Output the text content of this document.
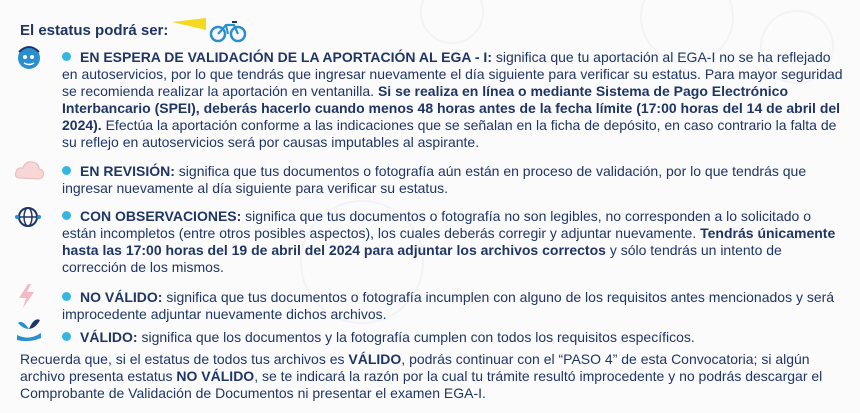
El estatus podrá ser:

EN ESPERA DE VALIDACIÓN DE LA APORTACIÓN AL EGA - I: significa que tu aportación al EGA-I no se ha reflejado en autoservicios, por lo que tendrás que ingresar nuevamente el día siguiente para verificar su estatus. Para mayor seguridad se recomienda realizar la aportación en ventanilla. Si se realiza en línea o mediante Sistema de Pago Electrónico Interbancario (SPEI), deberás hacerlo cuando menos 48 horas antes de la fecha límite (17:00 horas del 14 de abril del 2024). Efectúa la aportación conforme a las indicaciones que se señalan en la ficha de depósito, en caso contrario la falta de su reflejo en autoservicios será por causas imputables al aspirante.

EN REVISIÓN: significa que tus documentos o fotografía aún están en proceso de validación, por lo que tendrás que ingresar nuevamente al día siguiente para verificar su estatus.

CON OBSERVACIONES: significa que tus documentos o fotografía no son legibles, no corresponden a lo solicitado o están incompletos (entre otros posibles aspectos), los cuales deberás corregir y adjuntar nuevamente. Tendrás únicamente hasta las 17:00 horas del 19 de abril del 2024 para adjuntar los archivos correctos y sólo tendrás un intento de corrección de los mismos.

NO VÁLIDO: significa que tus documentos o fotografía incumplen con alguno de los requisitos antes mencionados y será improcedente adjuntar nuevamente dichos archivos.

VÁLIDO: significa que los documentos y la fotografía cumplen con todos los requisitos específicos.

Recuerda que, si el estatus de todos tus archivos es VÁLIDO, podrás continuar con el “PASO 4” de esta Convocatoria; si algún archivo presenta estatus NO VÁLIDO, se te indicará la razón por la cual tu trámite resultó improcedente y no podrás descargar el Comprobante de Validación de Documentos ni presentar el examen EGA-I.
